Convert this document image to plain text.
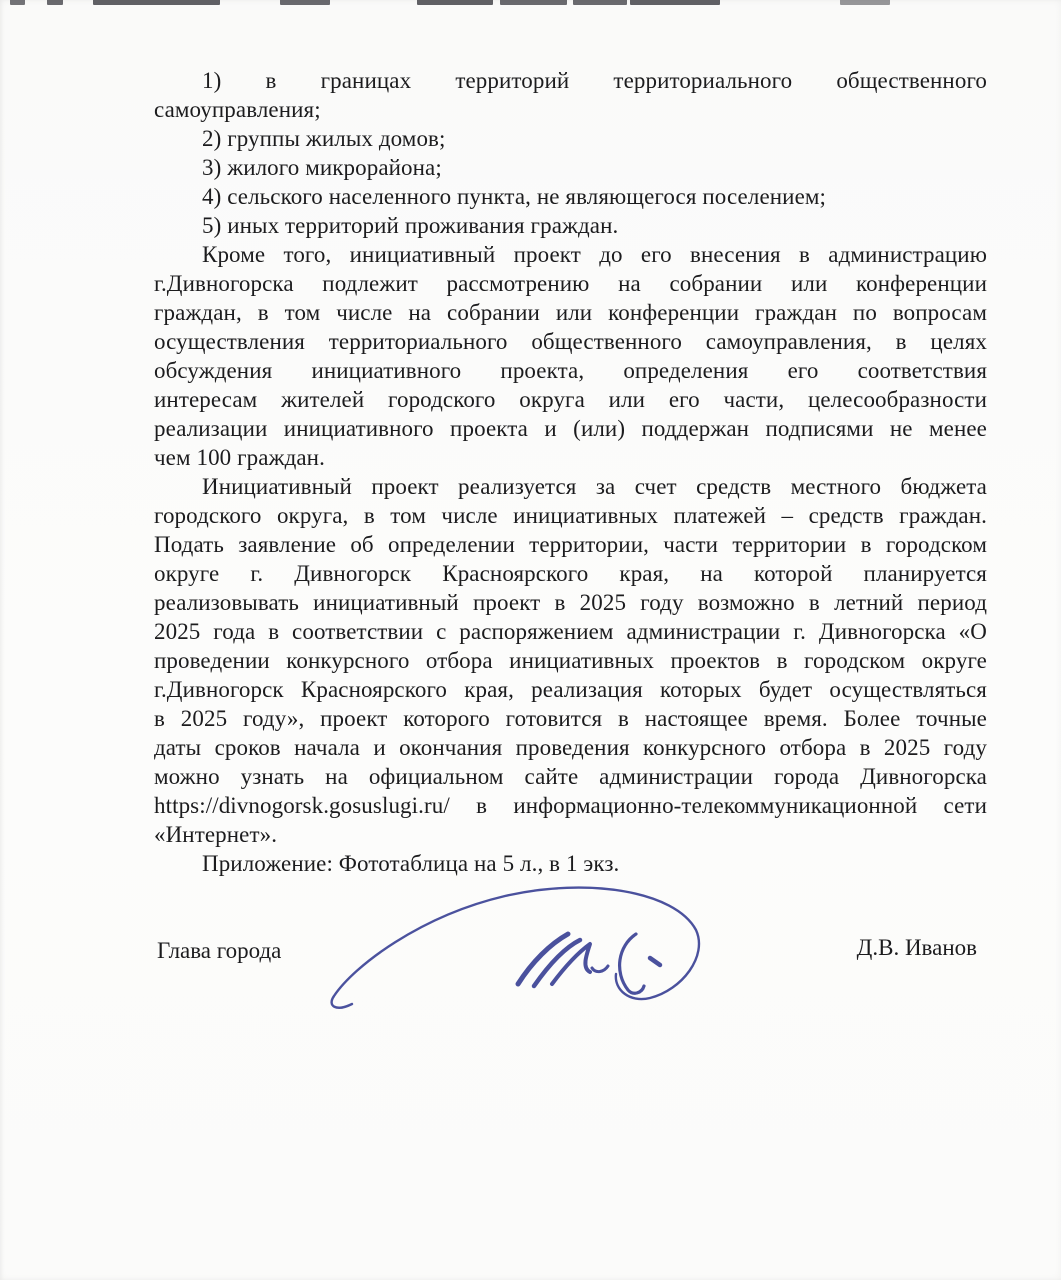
1) в границах территорий территориального общественного
самоуправления;
2) группы жилых домов;
3) жилого микрорайона;
4) сельского населенного пункта, не являющегося поселением;
5) иных территорий проживания граждан.
Кроме того, инициативный проект до его внесения в администрацию
г.Дивногорска подлежит рассмотрению на собрании или конференции
граждан, в том числе на собрании или конференции граждан по вопросам
осуществления территориального общественного самоуправления, в целях
обсуждения инициативного проекта, определения его соответствия
интересам жителей городского округа или его части, целесообразности
реализации инициативного проекта и (или) поддержан подписями не менее
чем 100 граждан.
Инициативный проект реализуется за счет средств местного бюджета
городского округа, в том числе инициативных платежей – средств граждан.
Подать заявление об определении территории, части территории в городском
округе г. Дивногорск Красноярского края, на которой планируется
реализовывать инициативный проект в 2025 году возможно в летний период
2025 года в соответствии с распоряжением администрации г. Дивногорска «О
проведении конкурсного отбора инициативных проектов в городском округе
г.Дивногорск Красноярского края, реализация которых будет осуществляться
в 2025 году», проект которого готовится в настоящее время. Более точные
даты сроков начала и окончания проведения конкурсного отбора в 2025 году
можно узнать на официальном сайте администрации города Дивногорска
https://divnogorsk.gosuslugi.ru/ в информационно-телекоммуникационной сети
«Интернет».
Приложение: Фототаблица на 5 л., в 1 экз.
Глава города	Д.В. Иванов
